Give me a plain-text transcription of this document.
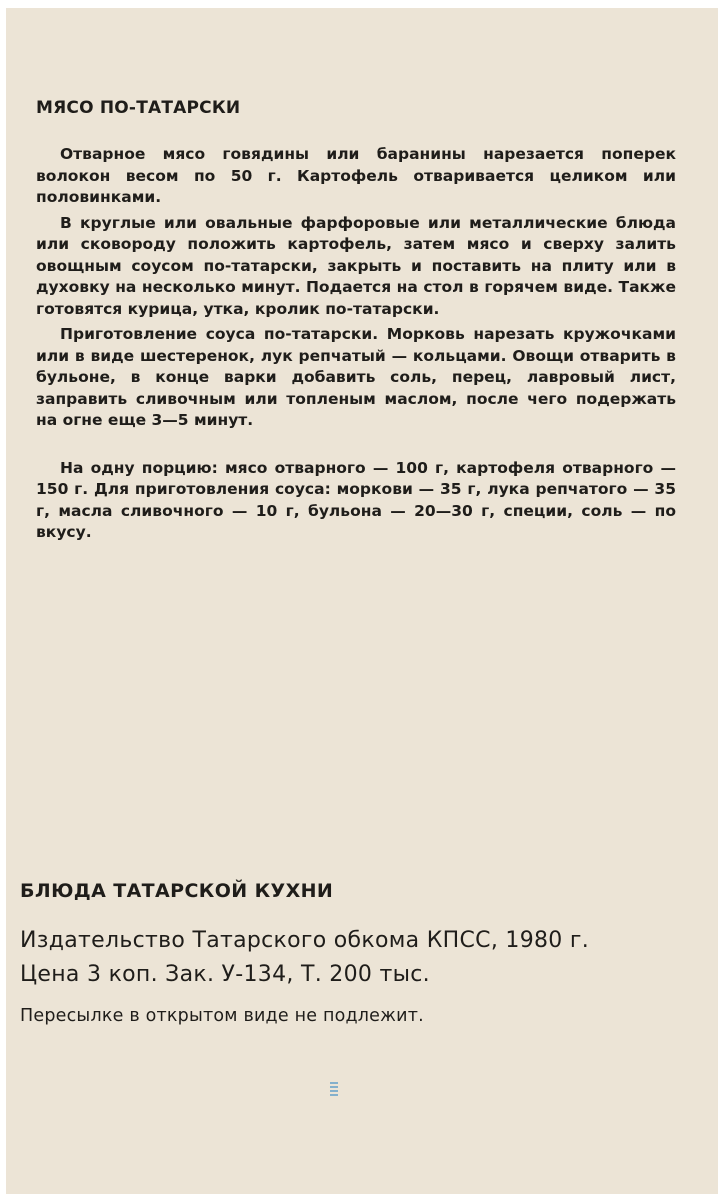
МЯСО ПО-ТАТАРСКИ

Отварное мясо говядины или баранины нарезается поперек волокон весом по 50 г. Картофель отваривается целиком или половинками.

В круглые или овальные фарфоровые или металлические блюда или сковороду положить картофель, затем мясо и сверху залить овощным соусом по-татарски, закрыть и поставить на плиту или в духовку на несколько минут. Подается на стол в горячем виде. Также готовятся курица, утка, кролик по-татарски.

Приготовление соуса по-татарски. Морковь нарезать кружочками или в виде шестеренок, лук репчатый — кольцами. Овощи отварить в бульоне, в конце варки добавить соль, перец, лавровый лист, заправить сливочным или топленым маслом, после чего подержать на огне еще 3—5 минут.

На одну порцию: мясо отварного — 100 г, картофеля отварного — 150 г. Для приготовления соуса: моркови — 35 г, лука репчатого — 35 г, масла сливочного — 10 г, бульона — 20—30 г, специи, соль — по вкусу.

БЛЮДА ТАТАРСКОЙ КУХНИ

Издательство Татарского обкома КПСС, 1980 г.

Цена 3 коп. Зак. У-134, Т. 200 тыс.

Пересылке в открытом виде не подлежит.
